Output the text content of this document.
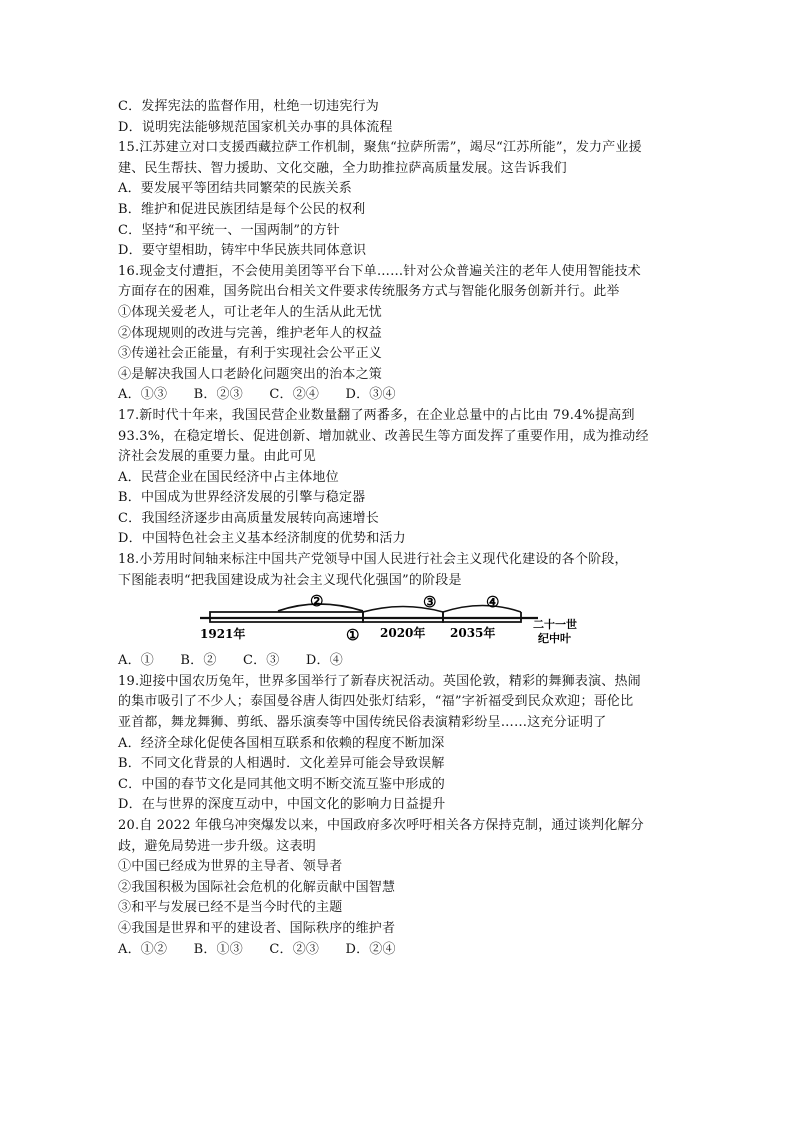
C．发挥宪法的监督作用，杜绝一切违宪行为
D．说明宪法能够规范国家机关办事的具体流程
15.江苏建立对口支援西藏拉萨工作机制，聚焦“拉萨所需”，竭尽“江苏所能”，发力产业援
建、民生帮扶、智力援助、文化交融，全力助推拉萨高质量发展。这告诉我们
A．要发展平等团结共同繁荣的民族关系
B．维护和促进民族团结是每个公民的权利
C．坚持“和平统一、一国两制”的方针
D．要守望相助，铸牢中华民族共同体意识
16.现金支付遭拒，不会使用美团等平台下单……针对公众普遍关注的老年人使用智能技术
方面存在的困难，国务院出台相关文件要求传统服务方式与智能化服务创新并行。此举
①体现关爱老人，可让老年人的生活从此无忧
②体现规则的改进与完善，维护老年人的权益
③传递社会正能量，有利于实现社会公平正义
④是解决我国人口老龄化问题突出的治本之策
A．①③　　B．②③　　C．②④　　D．③④
17.新时代十年来，我国民营企业数量翻了两番多，在企业总量中的占比由 79.4%提高到
93.3%，在稳定增长、促进创新、增加就业、改善民生等方面发挥了重要作用，成为推动经
济社会发展的重要力量。由此可见
A．民营企业在国民经济中占主体地位
B．中国成为世界经济发展的引擎与稳定器
C．我国经济逐步由高质量发展转向高速增长
D．中国特色社会主义基本经济制度的优势和活力
18.小芳用时间轴来标注中国共产党领导中国人民进行社会主义现代化建设的各个阶段，
下图能表明“把我国建设成为社会主义现代化强国”的阶段是
②	③	④
①
1921年	2020年 2035年
二十一世
纪中叶
A．①　　B．②　　C．③　　D．④
19.迎接中国农历兔年，世界多国举行了新春庆祝活动。英国伦敦，精彩的舞狮表演、热闹
的集市吸引了不少人；泰国曼谷唐人街四处张灯结彩，“福”字祈福受到民众欢迎；哥伦比
亚首都，舞龙舞狮、剪纸、器乐演奏等中国传统民俗表演精彩纷呈……这充分证明了
A．经济全球化促使各国相互联系和依赖的程度不断加深
B．不同文化背景的人相遇时．文化差异可能会导致误解
C．中国的春节文化是同其他文明不断交流互鉴中形成的
D．在与世界的深度互动中，中国文化的影响力日益提升
20.自 2022 年俄乌冲突爆发以来，中国政府多次呼吁相关各方保持克制，通过谈判化解分
歧，避免局势进一步升级。这表明
①中国已经成为世界的主导者、领导者
②我国积极为国际社会危机的化解贡献中国智慧
③和平与发展已经不是当今时代的主题
④我国是世界和平的建设者、国际秩序的维护者
A．①②　　B．①③　　C．②③　　D．②④
